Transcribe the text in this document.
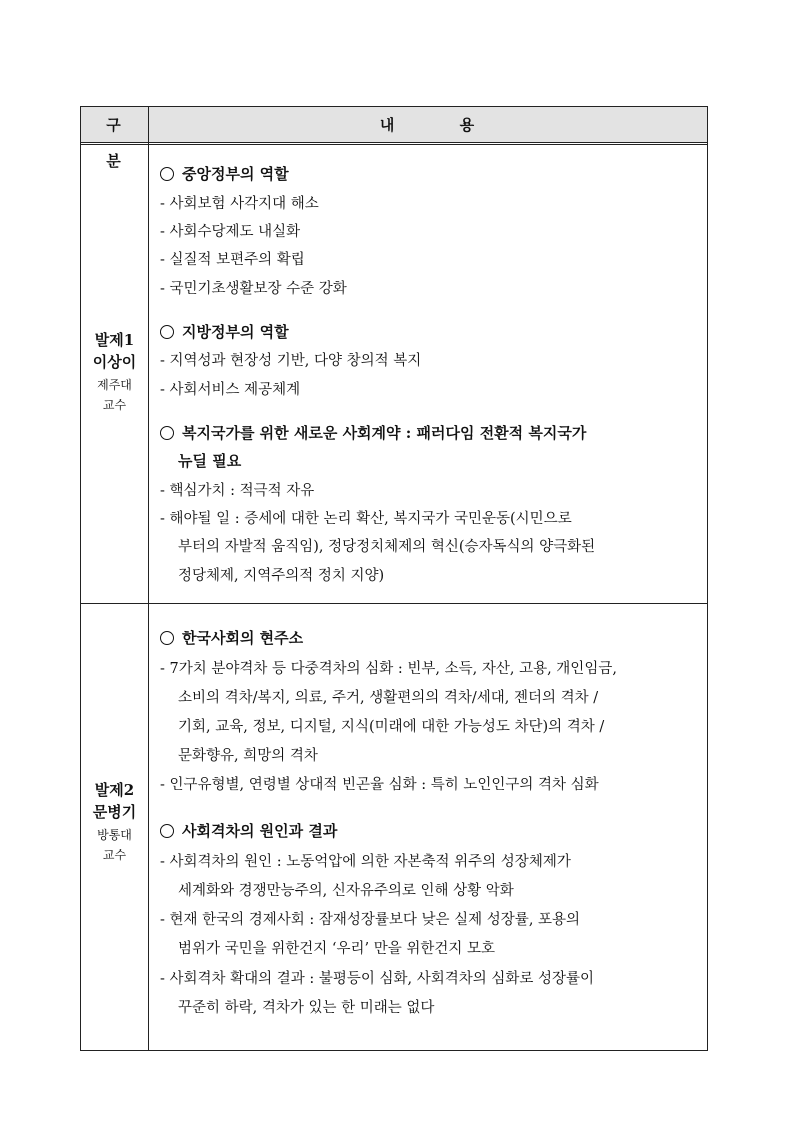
구 분
내 용
발제1
이상이
제주대
교수
중앙정부의 역할
- 사회보험 사각지대 해소
- 사회수당제도 내실화
- 실질적 보편주의 확립
- 국민기초생활보장 수준 강화
지방정부의 역할
- 지역성과 현장성 기반, 다양 창의적 복지
- 사회서비스 제공체계
복지국가를 위한 새로운 사회계약 : 패러다임 전환적 복지국가
뉴딜 필요
- 핵심가치 : 적극적 자유
- 해야될 일 : 증세에 대한 논리 확산, 복지국가 국민운동(시민으로
부터의 자발적 움직임), 정당정치체제의 혁신(승자독식의 양극화된
정당체제, 지역주의적 정치 지양)
발제2
문병기
방통대
교수
한국사회의 현주소
- 7가치 분야격차 등 다중격차의 심화 : 빈부, 소득, 자산, 고용, 개인임금,
소비의 격차/복지, 의료, 주거, 생활편의의 격차/세대, 젠더의 격차 /
기회, 교육, 정보, 디지털, 지식(미래에 대한 가능성도 차단)의 격차 /
문화향유, 희망의 격차
- 인구유형별, 연령별 상대적 빈곤율 심화 : 특히 노인인구의 격차 심화
사회격차의 원인과 결과
- 사회격차의 원인 : 노동억압에 의한 자본축적 위주의 성장체제가
세계화와 경쟁만능주의, 신자유주의로 인해 상황 악화
- 현재 한국의 경제사회 : 잠재성장률보다 낮은 실제 성장률, 포용의
범위가 국민을 위한건지 ‘우리’ 만을 위한건지 모호
- 사회격차 확대의 결과 : 불평등이 심화, 사회격차의 심화로 성장률이
꾸준히 하락, 격차가 있는 한 미래는 없다
